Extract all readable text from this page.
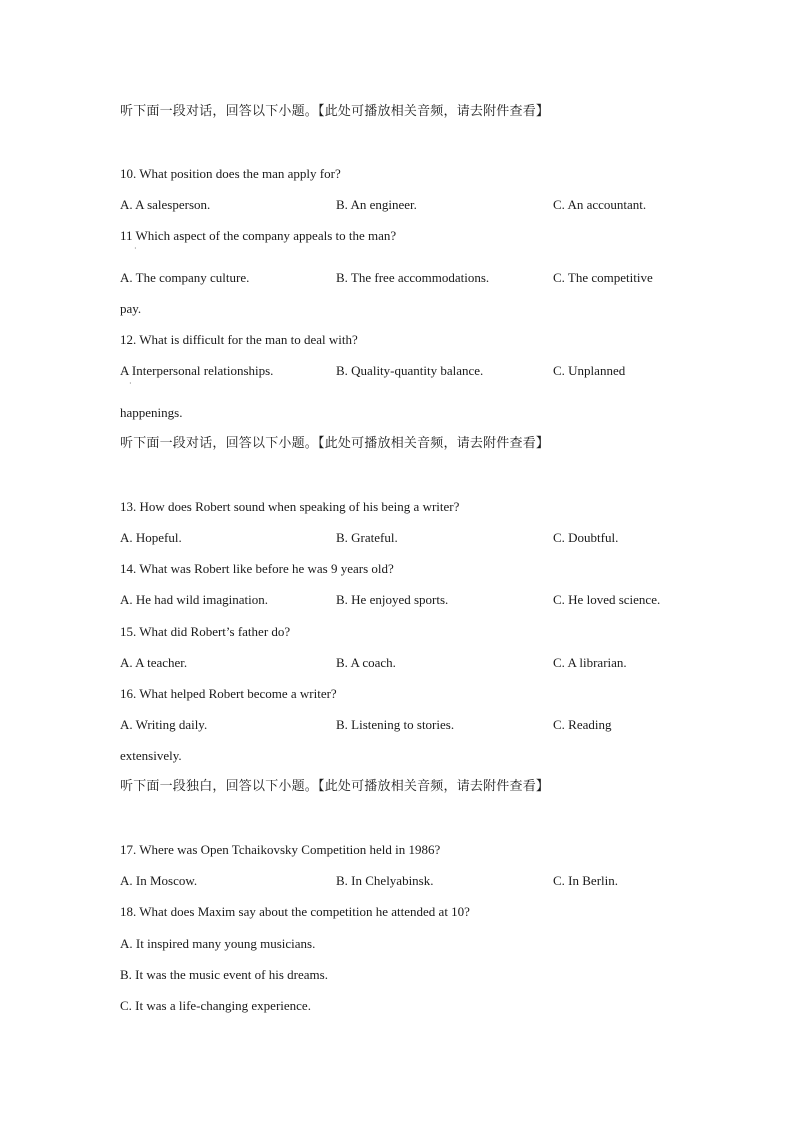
听下面一段对话，回答以下小题。【此处可播放相关音频，请去附件查看】
10. What position does the man apply for?
A. A salesperson.	B. An engineer.	C. An accountant.
11 Which aspect of the company appeals to the man?
·
A. The company culture.	B. The free accommodations.	C. The competitive
pay.
12. What is difficult for the man to deal with?
A Interpersonal relationships.	B. Quality-quantity balance.	C. Unplanned
·
happenings.
听下面一段对话，回答以下小题。【此处可播放相关音频，请去附件查看】
13. How does Robert sound when speaking of his being a writer?
A. Hopeful.	B. Grateful.	C. Doubtful.
14. What was Robert like before he was 9 years old?
A. He had wild imagination.	B. He enjoyed sports.	C. He loved science.
15. What did Robert’s father do?
A. A teacher.	B. A coach.	C. A librarian.
16. What helped Robert become a writer?
A. Writing daily.	B. Listening to stories.	C. Reading
extensively.
听下面一段独白，回答以下小题。【此处可播放相关音频，请去附件查看】
17. Where was Open Tchaikovsky Competition held in 1986?
A. In Moscow.	B. In Chelyabinsk.	C. In Berlin.
18. What does Maxim say about the competition he attended at 10?
A. It inspired many young musicians.
B. It was the music event of his dreams.
C. It was a life-changing experience.
